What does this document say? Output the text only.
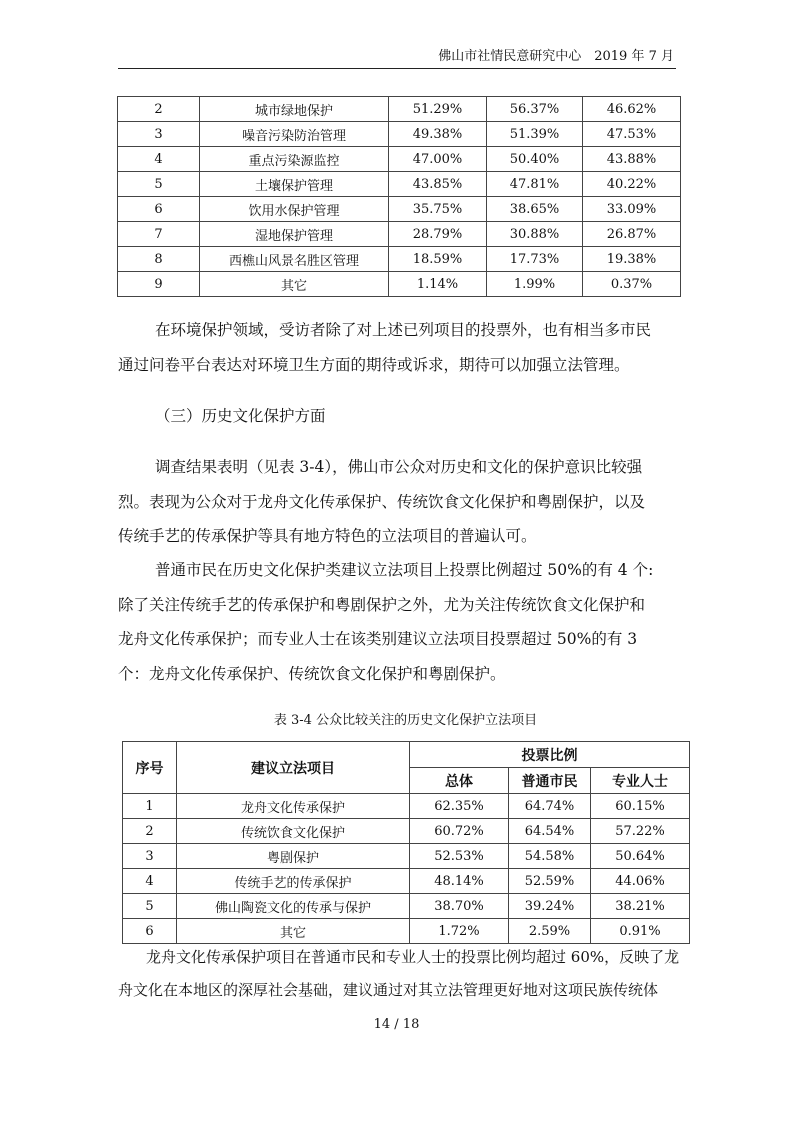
佛山市社情民意研究中心　2019 年 7 月
2	城市绿地保护	51.29%	56.37%	46.62%
3	噪音污染防治管理	49.38%	51.39%	47.53%
4	重点污染源监控	47.00%	50.40%	43.88%
5	土壤保护管理	43.85%	47.81%	40.22%
6	饮用水保护管理	35.75%	38.65%	33.09%
7	湿地保护管理	28.79%	30.88%	26.87%
8	西樵山风景名胜区管理	18.59%	17.73%	19.38%
9	其它	1.14%	1.99%	0.37%

在环境保护领域，受访者除了对上述已列项目的投票外，也有相当多市民
通过问卷平台表达对环境卫生方面的期待或诉求，期待可以加强立法管理。

（三）历史文化保护方面

调查结果表明（见表 3-4），佛山市公众对历史和文化的保护意识比较强
烈。表现为公众对于龙舟文化传承保护、传统饮食文化保护和粤剧保护，以及
传统手艺的传承保护等具有地方特色的立法项目的普遍认可。

普通市民在历史文化保护类建议立法项目上投票比例超过 50%的有 4 个:
除了关注传统手艺的传承保护和粤剧保护之外，尤为关注传统饮食文化保护和
龙舟文化传承保护；而专业人士在该类别建议立法项目投票超过 50%的有 3
个：龙舟文化传承保护、传统饮食文化保护和粤剧保护。

表 3-4 公众比较关注的历史文化保护立法项目
序号	建议立法项目	投票比例		
		总体	普通市民	专业人士
1	龙舟文化传承保护	62.35%	64.74%	60.15%
2	传统饮食文化保护	60.72%	64.54%	57.22%
3	粤剧保护	52.53%	54.58%	50.64%
4	传统手艺的传承保护	48.14%	52.59%	44.06%
5	佛山陶瓷文化的传承与保护	38.70%	39.24%	38.21%
6	其它	1.72%	2.59%	0.91%

龙舟文化传承保护项目在普通市民和专业人士的投票比例均超过 60%，反映了龙
舟文化在本地区的深厚社会基础，建议通过对其立法管理更好地对这项民族传统体

14 / 18
